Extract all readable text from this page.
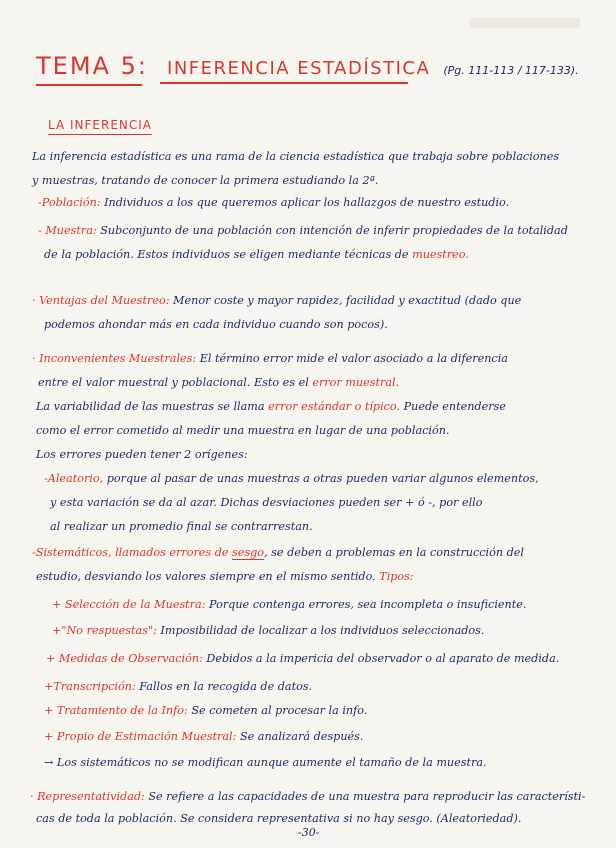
TEMA 5: INFERENCIA ESTADÍSTICA (Pg. 111-113 / 117-133).
LA INFERENCIA
La inferencia estadística es una rama de la ciencia estadística que trabaja sobre poblaciones
y muestras, tratando de conocer la primera estudiando la 2ª.
-Población: Individuos a los que queremos aplicar los hallazgos de nuestro estudio.
- Muestra: Subconjunto de una población con intención de inferir propiedades de la totalidad
de la población. Estos individuos se eligen mediante técnicas de muestreo.
· Ventajas del Muestreo: Menor coste y mayor rapidez, facilidad y exactitud (dado que
podemos ahondar más en cada individuo cuando son pocos).
· Inconvenientes Muestrales: El término error mide el valor asociado a la diferencia
entre el valor muestral y poblacional. Esto es el error muestral.
La variabilidad de las muestras se llama error estándar o típico. Puede entenderse
como el error cometido al medir una muestra en lugar de una población.
Los errores pueden tener 2 orígenes:
-Aleatorio, porque al pasar de unas muestras a otras pueden variar algunos elementos,
y esta variación se da al azar. Dichas desviaciones pueden ser + ó -, por ello
al realizar un promedio final se contrarrestan.
-Sistemáticos, llamados errores de sesgo, se deben a problemas en la construcción del
estudio, desviando los valores siempre en el mismo sentido. Tipos:
+ Selección de la Muestra: Porque contenga errores, sea incompleta o insuficiente.
+"No respuestas": Imposibilidad de localizar a los individuos seleccionados.
+ Medidas de Observación: Debidos a la impericia del observador o al aparato de medida.
+Transcripción: Fallos en la recogida de datos.
+ Tratamiento de la Info: Se cometen al procesar la info.
+ Propio de Estimación Muestral: Se analizará después.
→ Los sistemáticos no se modifican aunque aumente el tamaño de la muestra.
· Representatividad: Se refiere a las capacidades de una muestra para reproducir las característi-
cas de toda la población. Se considera representativa si no hay sesgo. (Aleatoriedad).
-30-
